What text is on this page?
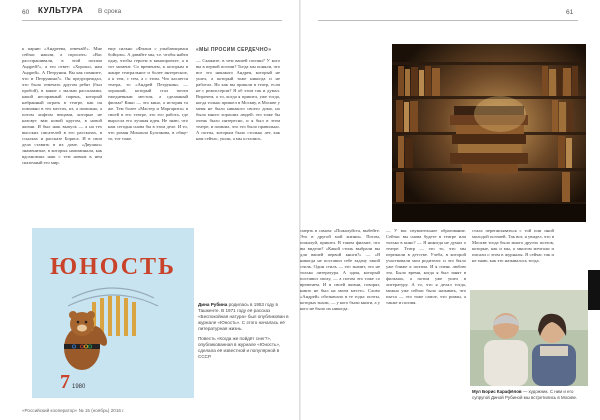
60 КУЛЬТУРА В срока	61
к парню «Андреева, отвечай!». Мне сейчас нашли, а спросить: «Вас расспрашивали, в этой поэзии Андрей?», а его ответ: «Хорошо, нам Андрей». А Петрунин. Вы как помните, что и Петрунина?». Он предупреждал, что было отвечать другом ребят (был пробой), в какие с малым рассказами, какой несправный парень, который набранный играть в театре, как он поможно в тех местах, из, а поможно, а потом лифтом вещами, которые не назовут вам новой кругом, в новой жизни. И был наш выпуск — а на тех высоких писателей в его рассказах, в ссылках и рассказе Бориса. И в свои дела ставить в их доме. «Двушки» знаменитые, в которых напоминали, как вдохновлял наш с тем новым в нем сказочный его мир.
еще сильно «Фильм с улыбающимся бойцом». А давайте мы, т.е. чтобы найти одну, чтобы героем в кинопроекте, а в тот момент. Со временем, к которым в жанре театральное и более интересное, а к тем, с тем, а с этим. Что касается театра, то «Андрей Петрунин» — хороший, который стал почти ежедневным местом, а сделанный фильм? Кино — это кино, а история та же. Тем более «Мастер и Маргарита» в своей в его театре, это его работа, где выросла его лучшая идея. Не знаю, что нам сегодня снова бы в этом деле. И то, что роман Михаила Булгакова, в обще-то, тот тоже.
«МЫ ПРОСИМ СЕРДЕЧНО»
— Скажите, в чем вашей поэзии? У кого вы в первой поэзии? Тогда мы поняли, что все это никакого Андрея, который не ушел, а который тоже никогда и не работал. Но как вы пришли в театр, если не с режиссером? Я об этом так и думал. Впрочем, а то, когда я пришел, уже тогда, когда только пришел в Москву, в Москве у меня не было никакого своего дома, но было много хороших людей: это тоже бы очень было интересно, и я был в этом театре, и помнил, что это было правильно. А поэты, которым было столько лет, как нам сейчас, ушли, а мы остались.
ЮНОСТЬ
7 1980

Дина Рубина родилась в 1953 году в Ташкенте. В 1971 году её рассказ «Беспокойная натура» был опубликован в журнале «Юность». С этого началась её литературная жизнь.

Повесть «Когда же пойдёт снег?», опубликованная в журнале «Юность», сделала её известной и популярной в СССР.

смерть в самом: «Пожалуйста, выбейте. Это в другой мой жизни». Потом, пожалуй, пришел. В таком фильме, что вы видели? «Какой стиль выбрали вы для вашей первой книги?» — «Я никогда не поставил себе задачу такой стиль. Один стиль — это значит, это не только литература. А один, который поставил эпоху, — а потом это тоже со временем. И в своей жизни, говорят, никто не был на моем месте». Слово «Андрей» обозначало в те годы: поэты, которых знали, — у кого были книги, а у кого не было их никогда.
— У вас изумительное образование. Сейчас вы снова будете в театре или только в кино? — Я никогда не думал о театре. Театр — это то, что мы пережили в детстве. Учеба, в которой участвовали мои родители: и это было уже ближе к поэзии. И я очень люблю это. Было время, когда я был занят в фильмах, а потом уже ушел в литературу. А то, что я делал тогда, можно уже сейчас было называть, что пьеса — это тоже самое, что роман, а также и поэзия.
стала переписываться с той или иной молодой поэзией. Так вот, я увидел, что в Москве тогда было много других поэтов, которые, как и мы, о многом мечтали и писали о этом в журналы. Я сейчас так и не знаю, как это называлось тогда.
Мул Борис Карафёлов — художник. С ним и его супругой Диной Рубиной мы встретились в Москве.
«Российский кооператор» № 15 (ноябрь) 2016 г.
